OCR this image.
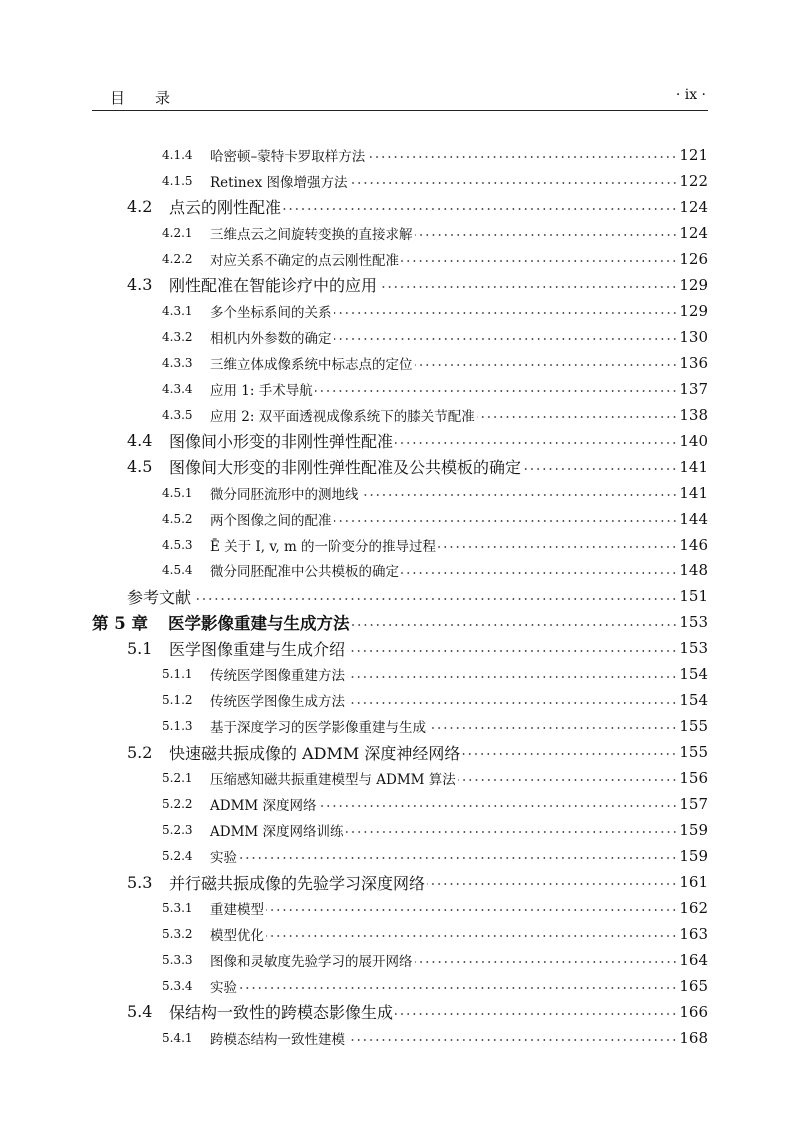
目　　录	· ix ·
4.1.4	哈密顿–蒙特卡罗取样方法	121
4.1.5	Retinex 图像增强方法	122
4.2	点云的刚性配准	124
4.2.1	三维点云之间旋转变换的直接求解	124
4.2.2	对应关系不确定的点云刚性配准	126
4.3	刚性配准在智能诊疗中的应用	129
4.3.1	多个坐标系间的关系	129
4.3.2	相机内外参数的确定	130
4.3.3	三维立体成像系统中标志点的定位	136
4.3.4	应用 1: 手术导航	137
4.3.5	应用 2: 双平面透视成像系统下的膝关节配准	138
4.4	图像间小形变的非刚性弹性配准	140
4.5	图像间大形变的非刚性弹性配准及公共模板的确定	141
4.5.1	微分同胚流形中的测地线	141
4.5.2	两个图像之间的配准	144
4.5.3	Ē 关于 I, v, m 的一阶变分的推导过程	146
4.5.4	微分同胚配准中公共模板的确定	148
参考文献	151
第 5 章	医学影像重建与生成方法	153
5.1	医学图像重建与生成介绍	153
5.1.1	传统医学图像重建方法	154
5.1.2	传统医学图像生成方法	154
5.1.3	基于深度学习的医学影像重建与生成	155
5.2	快速磁共振成像的 ADMM 深度神经网络	155
5.2.1	压缩感知磁共振重建模型与 ADMM 算法	156
5.2.2	ADMM 深度网络	157
5.2.3	ADMM 深度网络训练	159
5.2.4	实验	159
5.3	并行磁共振成像的先验学习深度网络	161
5.3.1	重建模型	162
5.3.2	模型优化	163
5.3.3	图像和灵敏度先验学习的展开网络	164
5.3.4	实验	165
5.4	保结构一致性的跨模态影像生成	166
5.4.1	跨模态结构一致性建模	168
